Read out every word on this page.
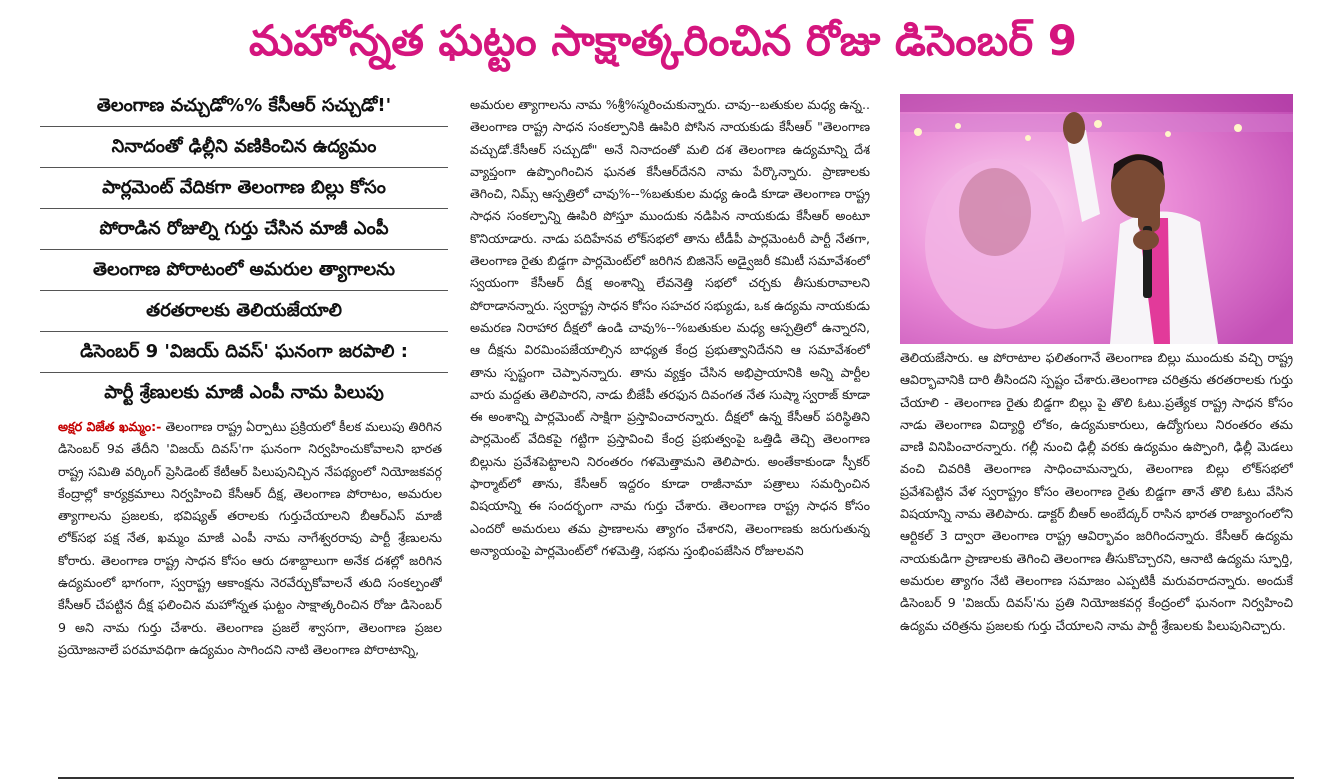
మహోన్నత ఘట్టం సాక్షాత్కరించిన రోజు డిసెంబర్ 9
తెలంగాణ వచ్చుడో%% కేసీఆర్ సచ్చుడో!'
నినాదంతో ఢిల్లీని వణికించిన ఉద్యమం
పార్లమెంట్ వేదికగా తెలంగాణ బిల్లు కోసం
పోరాడిన రోజుల్ని గుర్తు చేసిన మాజీ ఎంపీ
తెలంగాణ పోరాటంలో అమరుల త్యాగాలను
తరతరాలకు తెలియజేయాలి
డిసెంబర్ 9 'విజయ్ దివస్' ఘనంగా జరపాలి :
పార్టీ శ్రేణులకు మాజీ ఎంపీ నామ పిలుపు
అక్షర విజేత ఖమ్మం:- తెలంగాణ రాష్ట్ర ఏర్పాటు ప్రక్రియలో కీలక మలుపు తిరిగిన డిసెంబర్ 9వ తేదీని 'విజయ్ దివస్'గా ఘనంగా నిర్వహించుకోవాలని భారత రాష్ట్ర సమితి వర్కింగ్ ప్రెసిడెంట్ కేటీఆర్ పిలుపునిచ్చిన నేపథ్యంలో నియోజకవర్గ కేంద్రాల్లో కార్యక్రమాలు నిర్వహించి కేసీఆర్ దీక్ష, తెలంగాణ పోరాటం, అమరుల త్యాగాలను ప్రజలకు, భవిష్యత్ తరాలకు గుర్తుచేయాలని బీఆర్ఎస్ మాజీ లోక్‌సభ పక్ష నేత, ఖమ్మం మాజీ ఎంపీ నామ నాగేశ్వరరావు పార్టీ శ్రేణులను కోరారు. తెలంగాణ రాష్ట్ర సాధన కోసం ఆరు దశాబ్దాలుగా అనేక దశల్లో జరిగిన ఉద్యమంలో భాగంగా, స్వరాష్ట్ర ఆకాంక్షను నెరవేర్చుకోవాలనే తుది సంకల్పంతో కేసీఆర్ చేపట్టిన దీక్ష ఫలించిన మహోన్నత ఘట్టం సాక్షాత్కరించిన రోజు డిసెంబర్ 9 అని నామ గుర్తు చేశారు. తెలంగాణ ప్రజలే శ్వాసగా, తెలంగాణ ప్రజల ప్రయోజనాలే పరమావధిగా ఉద్యమం సాగిందని నాటి తెలంగాణ పోరాటాన్ని,
అమరుల త్యాగాలను నామ %శ్రీ%స్మరించుకున్నారు. చావు--బతుకుల మధ్య ఉన్న.. తెలంగాణ రాష్ట్ర సాధన సంకల్పానికి ఊపిరి పోసిన నాయకుడు కేసీఆర్ "తెలంగాణ వచ్చుడో.కేసీఆర్ సచ్చుడో" అనే నినాదంతో మలి దశ తెలంగాణ ఉద్యమాన్ని దేశ వ్యాప్తంగా ఉప్పొంగించిన ఘనత కేసీఆర్‌దేనని నామ పేర్కొన్నారు. ప్రాణాలకు తెగించి, నిమ్స్ ఆస్పత్రిలో చావు%--%బతుకుల మధ్య ఉండి కూడా తెలంగాణ రాష్ట్ర సాధన సంకల్పాన్ని ఊపిరి పోస్తూ ముందుకు నడిపిన నాయకుడు కేసీఆర్ అంటూ కొనియాడారు. నాడు పదిహేనవ లోక్‌సభలో తాను టీడీపీ పార్లమెంటరీ పార్టీ నేతగా, తెలంగాణ రైతు బిడ్డగా పార్లమెంట్‌లో జరిగిన బిజినెస్ అడ్వైజరీ కమిటీ సమావేశంలో స్వయంగా కేసీఆర్ దీక్ష అంశాన్ని లేవనెత్తి సభలో చర్చకు తీసుకురావాలని పోరాడానన్నారు. స్వరాష్ట్ర సాధన కోసం సహచర సభ్యుడు, ఒక ఉద్యమ నాయకుడు అమరణ నిరాహార దీక్షలో ఉండి చావు%--%బతుకుల మధ్య ఆస్పత్రిలో ఉన్నారని, ఆ దీక్షను విరమింపజేయాల్సిన బాధ్యత కేంద్ర ప్రభుత్వానిదేనని ఆ సమావేశంలో తాను స్పష్టంగా చెప్పానన్నారు. తాను వ్యక్తం చేసిన అభిప్రాయానికి అన్ని పార్టీల వారు మద్దతు తెలిపారని, నాడు బీజేపీ తరఫున దివంగత నేత సుష్మా స్వరాజ్ కూడా ఈ అంశాన్ని పార్లమెంట్ సాక్షిగా ప్రస్తావించారన్నారు. దీక్షలో ఉన్న కేసీఆర్ పరిస్థితిని పార్లమెంట్ వేదికపై గట్టిగా ప్రస్తావించి కేంద్ర ప్రభుత్వంపై ఒత్తిడి తెచ్చి తెలంగాణ బిల్లును ప్రవేశపెట్టాలని నిరంతరం గళమెత్తామని తెలిపారు. అంతేకాకుండా స్పీకర్ ఫార్మాట్‌లో తాను, కేసీఆర్ ఇద్దరం కూడా రాజీనామా పత్రాలు సమర్పించిన విషయాన్ని ఈ సందర్భంగా నామ గుర్తు చేశారు. తెలంగాణ రాష్ట్ర సాధన కోసం ఎందరో అమరులు తమ ప్రాణాలను త్యాగం చేశారని, తెలంగాణకు జరుగుతున్న అన్యాయంపై పార్లమెంట్‌లో గళమెత్తి, సభను స్తంభింపజేసిన రోజులవని
తెలియజేసారు. ఆ పోరాటాల ఫలితంగానే తెలంగాణ బిల్లు ముందుకు వచ్చి రాష్ట్ర ఆవిర్భావానికి దారి తీసిందని స్పష్టం చేశారు.తెలంగాణ చరిత్రను తరతరాలకు గుర్తు చేయాలి - తెలంగాణ రైతు బిడ్డగా బిల్లు పై తొలి ఓటు.ప్రత్యేక రాష్ట్ర సాధన కోసం నాడు తెలంగాణ విద్యార్థి లోకం, ఉద్యమకారులు, ఉద్యోగులు నిరంతరం తమ వాణి వినిపించారన్నారు. గల్లీ నుంచి ఢిల్లీ వరకు ఉద్యమం ఉప్పొంగి, ఢిల్లీ మెడలు వంచి చివరికి తెలంగాణ సాధించామన్నారు, తెలంగాణ బిల్లు లోక్‌సభలో ప్రవేశపెట్టిన వేళ స్వరాష్ట్రం కోసం తెలంగాణ రైతు బిడ్డగా తానే తొలి ఓటు వేసిన విషయాన్ని నామ తెలిపారు. డాక్టర్ బీఆర్ అంబేద్కర్ రాసిన భారత రాజ్యాంగంలోని ఆర్టికల్ 3 ద్వారా తెలంగాణ రాష్ట్ర ఆవిర్భావం జరిగిందన్నారు. కేసీఆర్ ఉద్యమ నాయకుడిగా ప్రాణాలకు తెగించి తెలంగాణ తీసుకొచ్చారని, ఆనాటి ఉద్యమ స్ఫూర్తి, అమరుల త్యాగం నేటి తెలంగాణ సమాజం ఎప్పటికీ మరువరాదన్నారు. అందుకే డిసెంబర్ 9 'విజయ్ దివస్'ను ప్రతి నియోజకవర్గ కేంద్రంలో ఘనంగా నిర్వహించి ఉద్యమ చరిత్రను ప్రజలకు గుర్తు చేయాలని నామ పార్టీ శ్రేణులకు పిలుపునిచ్చారు.
